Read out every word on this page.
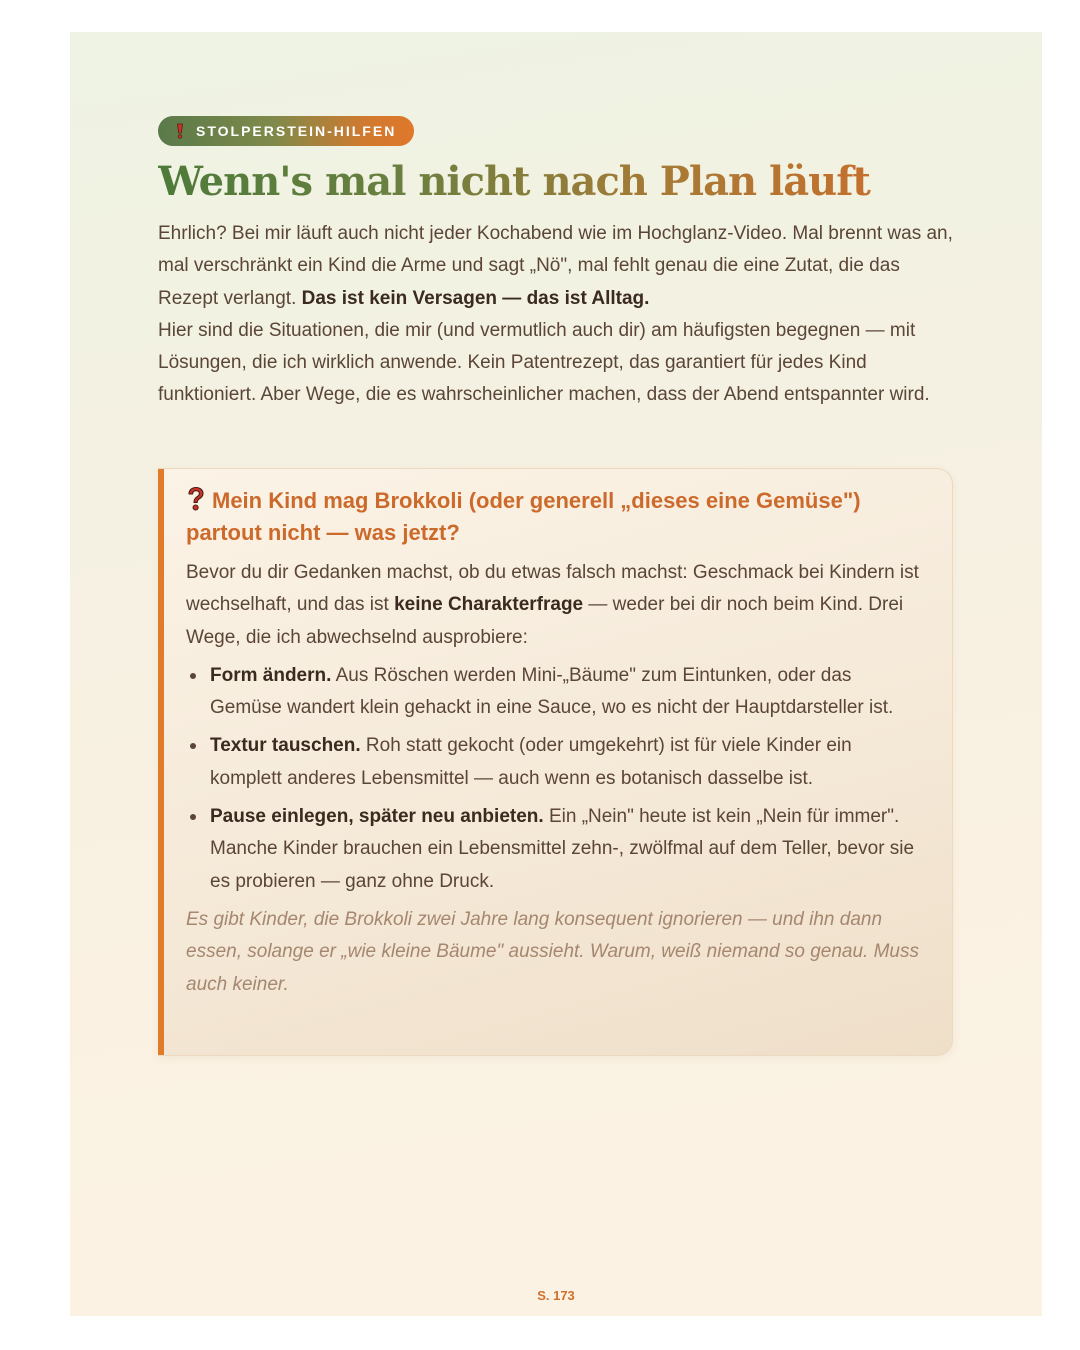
STOLPERSTEIN-HILFEN
Wenn's mal nicht nach Plan läuft

Ehrlich? Bei mir läuft auch nicht jeder Kochabend wie im Hochglanz-Video. Mal brennt was an, mal verschränkt ein Kind die Arme und sagt „Nö", mal fehlt genau die eine Zutat, die das Rezept verlangt. Das ist kein Versagen — das ist Alltag.

Hier sind die Situationen, die mir (und vermutlich auch dir) am häufigsten begegnen — mit Lösungen, die ich wirklich anwende. Kein Patentrezept, das garantiert für jedes Kind funktioniert. Aber Wege, die es wahrscheinlicher machen, dass der Abend entspannter wird.

Mein Kind mag Brokkoli (oder generell „dieses eine Gemüse") partout nicht — was jetzt?
Bevor du dir Gedanken machst, ob du etwas falsch machst: Geschmack bei Kindern ist wechselhaft, und das ist keine Charakterfrage — weder bei dir noch beim Kind. Drei Wege, die ich abwechselnd ausprobiere:
Form ändern. Aus Röschen werden Mini-„Bäume" zum Eintunken, oder das Gemüse wandert klein gehackt in eine Sauce, wo es nicht der Hauptdarsteller ist.
Textur tauschen. Roh statt gekocht (oder umgekehrt) ist für viele Kinder ein komplett anderes Lebensmittel — auch wenn es botanisch dasselbe ist.
Pause einlegen, später neu anbieten. Ein „Nein" heute ist kein „Nein für immer". Manche Kinder brauchen ein Lebensmittel zehn-, zwölfmal auf dem Teller, bevor sie es probieren — ganz ohne Druck.
Es gibt Kinder, die Brokkoli zwei Jahre lang konsequent ignorieren — und ihn dann essen, solange er „wie kleine Bäume" aussieht. Warum, weiß niemand so genau. Muss auch keiner.
S. 173
